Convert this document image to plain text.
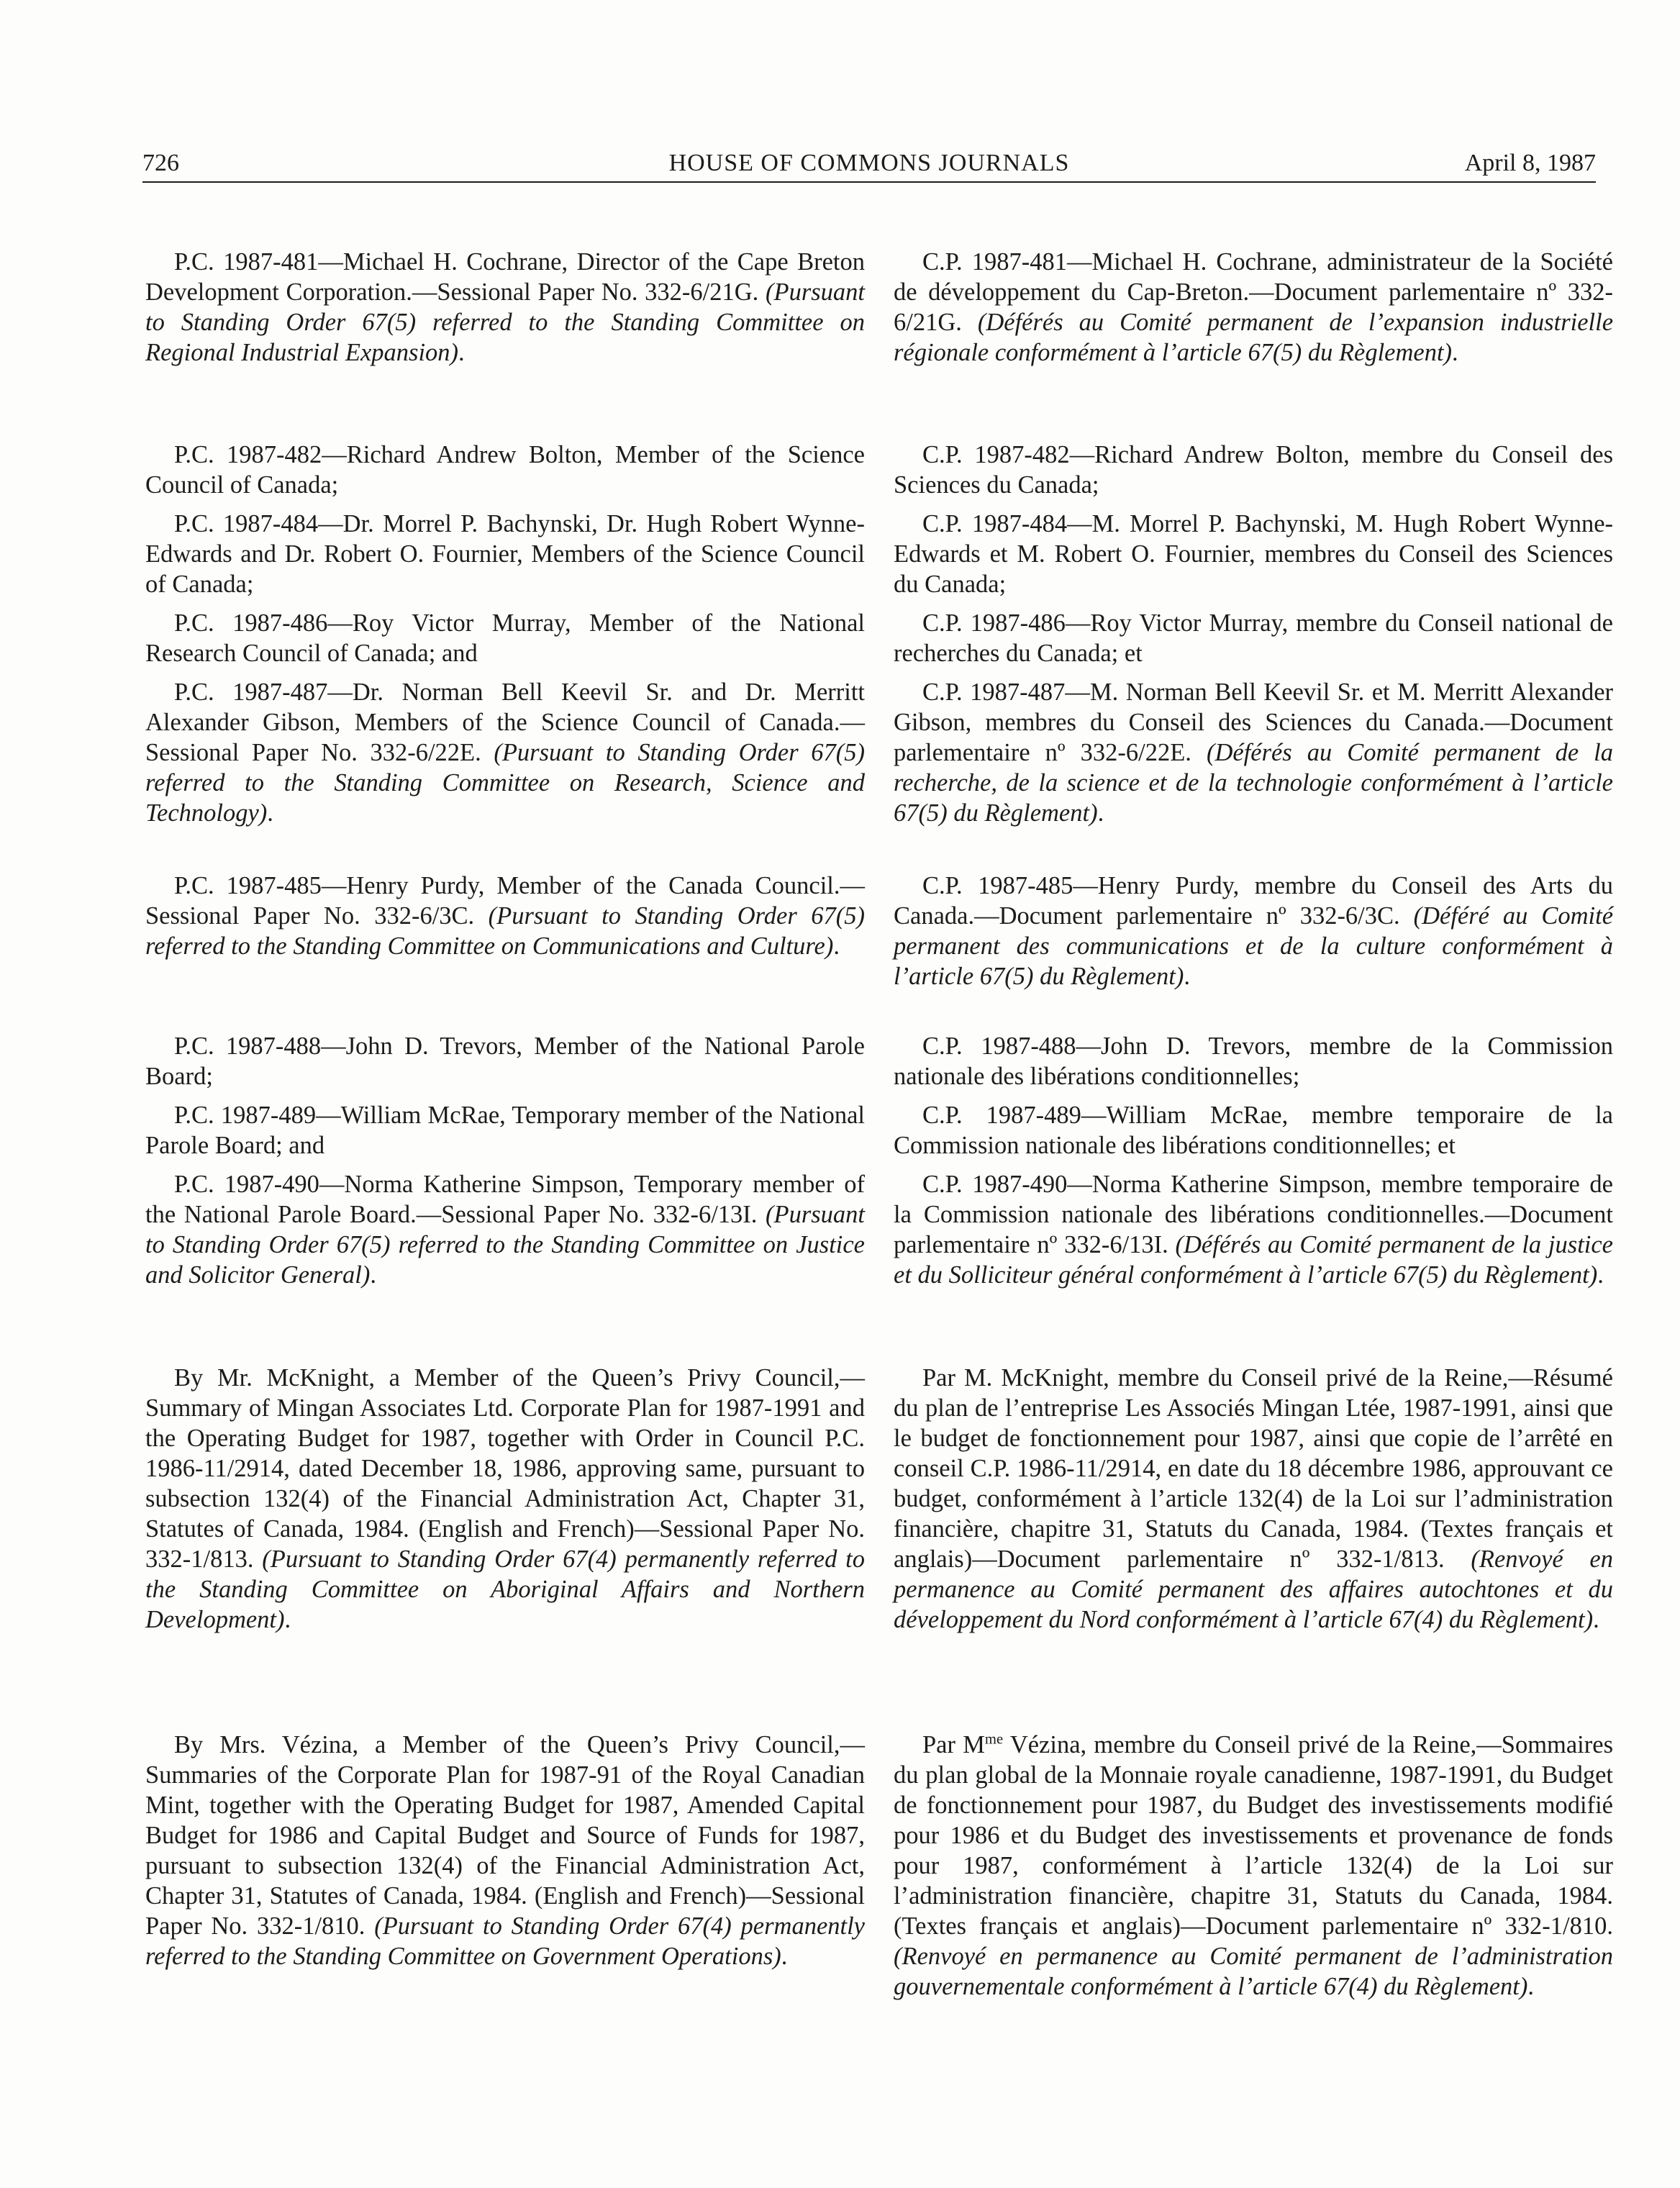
726	HOUSE OF COMMONS JOURNALS	April 8, 1987

P.C. 1987-481—Michael H. Cochrane, Director of the Cape Breton Development Corporation.—Sessional Paper No. 332-6/21G. (Pursuant to Standing Order 67(5) referred to the Standing Committee on Regional Industrial Expansion).

P.C. 1987-482—Richard Andrew Bolton, Member of the Science Council of Canada;

P.C. 1987-484—Dr. Morrel P. Bachynski, Dr. Hugh Robert Wynne-Edwards and Dr. Robert O. Fournier, Members of the Science Council of Canada;

P.C. 1987-486—Roy Victor Murray, Member of the National Research Council of Canada; and

P.C. 1987-487—Dr. Norman Bell Keevil Sr. and Dr. Merritt Alexander Gibson, Members of the Science Council of Canada.—Sessional Paper No. 332-6/22E. (Pursuant to Standing Order 67(5) referred to the Standing Committee on Research, Science and Technology).

P.C. 1987-485—Henry Purdy, Member of the Canada Council.—Sessional Paper No. 332-6/3C. (Pursuant to Standing Order 67(5) referred to the Standing Committee on Communications and Culture).

P.C. 1987-488—John D. Trevors, Member of the National Parole Board;

P.C. 1987-489—William McRae, Temporary member of the National Parole Board; and

P.C. 1987-490—Norma Katherine Simpson, Temporary member of the National Parole Board.—Sessional Paper No. 332-6/13I. (Pursuant to Standing Order 67(5) referred to the Standing Committee on Justice and Solicitor General).

By Mr. McKnight, a Member of the Queen’s Privy Council,—Summary of Mingan Associates Ltd. Corporate Plan for 1987-1991 and the Operating Budget for 1987, together with Order in Council P.C. 1986-11/2914, dated December 18, 1986, approving same, pursuant to subsection 132(4) of the Financial Administration Act, Chapter 31, Statutes of Canada, 1984. (English and French)—Sessional Paper No. 332-1/813. (Pursuant to Standing Order 67(4) permanently referred to the Standing Committee on Aboriginal Affairs and Northern Development).

By Mrs. Vézina, a Member of the Queen’s Privy Council,—Summaries of the Corporate Plan for 1987-91 of the Royal Canadian Mint, together with the Operating Budget for 1987, Amended Capital Budget for 1986 and Capital Budget and Source of Funds for 1987, pursuant to subsection 132(4) of the Financial Administration Act, Chapter 31, Statutes of Canada, 1984. (English and French)—Sessional Paper No. 332-1/810. (Pursuant to Standing Order 67(4) permanently referred to the Standing Committee on Government Operations).

C.P. 1987-481—Michael H. Cochrane, administrateur de la Société de développement du Cap-Breton.—Document parlementaire nº 332-6/21G. (Déférés au Comité permanent de l’expansion industrielle régionale conformément à l’article 67(5) du Règlement).

C.P. 1987-482—Richard Andrew Bolton, membre du Conseil des Sciences du Canada;

C.P. 1987-484—M. Morrel P. Bachynski, M. Hugh Robert Wynne-Edwards et M. Robert O. Fournier, membres du Conseil des Sciences du Canada;

C.P. 1987-486—Roy Victor Murray, membre du Conseil national de recherches du Canada; et

C.P. 1987-487—M. Norman Bell Keevil Sr. et M. Merritt Alexander Gibson, membres du Conseil des Sciences du Canada.—Document parlementaire nº 332-6/22E. (Déférés au Comité permanent de la recherche, de la science et de la technologie conformément à l’article 67(5) du Règlement).

C.P. 1987-485—Henry Purdy, membre du Conseil des Arts du Canada.—Document parlementaire nº 332-6/3C. (Déféré au Comité permanent des communications et de la culture conformément à l’article 67(5) du Règlement).

C.P. 1987-488—John D. Trevors, membre de la Commission nationale des libérations conditionnelles;

C.P. 1987-489—William McRae, membre temporaire de la Commission nationale des libérations conditionnelles; et

C.P. 1987-490—Norma Katherine Simpson, membre temporaire de la Commission nationale des libérations conditionnelles.—Document parlementaire nº 332-6/13I. (Déférés au Comité permanent de la justice et du Solliciteur général conformément à l’article 67(5) du Règlement).

Par M. McKnight, membre du Conseil privé de la Reine,—Résumé du plan de l’entreprise Les Associés Mingan Ltée, 1987-1991, ainsi que le budget de fonctionnement pour 1987, ainsi que copie de l’arrêté en conseil C.P. 1986-11/2914, en date du 18 décembre 1986, approuvant ce budget, conformément à l’article 132(4) de la Loi sur l’administration financière, chapitre 31, Statuts du Canada, 1984. (Textes français et anglais)—Document parlementaire nº 332-1/813. (Renvoyé en permanence au Comité permanent des affaires autochtones et du développement du Nord conformément à l’article 67(4) du Règlement).

Par $M^{me}$ Vézina, membre du Conseil privé de la Reine,—Sommaires du plan global de la Monnaie royale canadienne, 1987-1991, du Budget de fonctionnement pour 1987, du Budget des investissements modifié pour 1986 et du Budget des investissements et provenance de fonds pour 1987, conformément à l’article 132(4) de la Loi sur l’administration financière, chapitre 31, Statuts du Canada, 1984. (Textes français et anglais)—Document parlementaire nº 332-1/810. (Renvoyé en permanence au Comité permanent de l’administration gouvernementale conformément à l’article 67(4) du Règlement).
